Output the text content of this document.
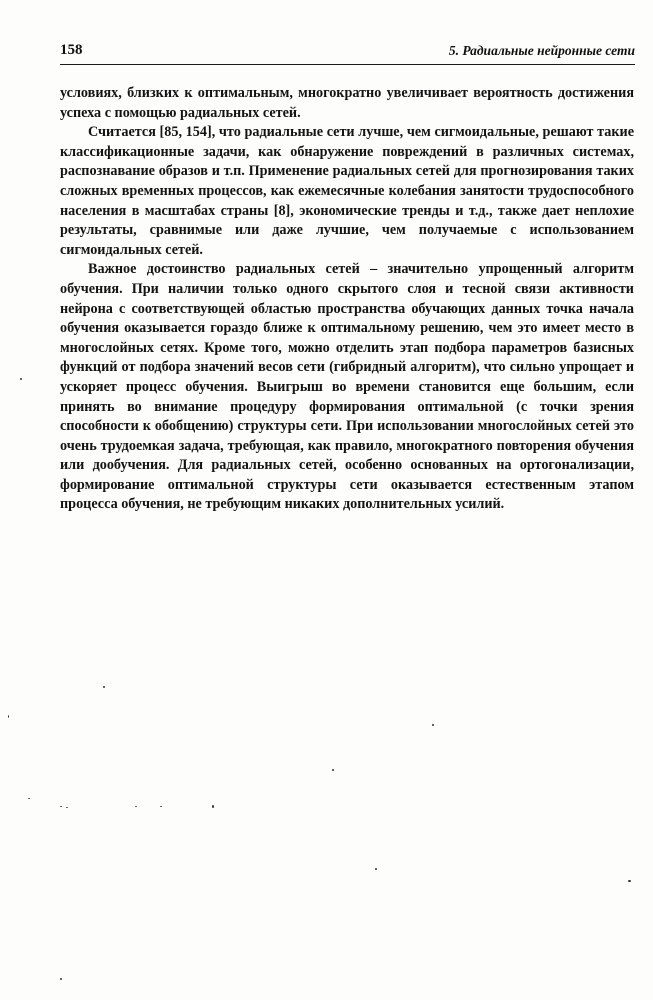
158	5. Радиальные нейронные сети

условиях, близких к оптимальным, многократно увеличивает вероятность достижения успеха с помощью радиальных сетей.

Считается [85, 154], что радиальные сети лучше, чем сигмоидальные, решают такие классификационные задачи, как обнаружение повреждений в различных системах, распознавание образов и т.п. Применение радиальных сетей для прогнозирования таких сложных временных процессов, как ежемесячные колебания занятости трудоспособного населения в масштабах страны [8], экономические тренды и т.д., также дает неплохие результаты, сравнимые или даже лучшие, чем получаемые с использованием сигмоидальных сетей.

Важное достоинство радиальных сетей – значительно упрощенный алгоритм обучения. При наличии только одного скрытого слоя и тесной связи активности нейрона с соответствующей областью пространства обучающих данных точка начала обучения оказывается гораздо ближе к оптимальному решению, чем это имеет место в многослойных сетях. Кроме того, можно отделить этап подбора параметров базисных функций от подбора значений весов сети (гибридный алгоритм), что сильно упрощает и ускоряет процесс обучения. Выигрыш во времени становится еще большим, если принять во внимание процедуру формирования оптимальной (с точки зрения способности к обобщению) структуры сети. При использовании многослойных сетей это очень трудоемкая задача, требующая, как правило, многократного повторения обучения или дообучения. Для радиальных сетей, особенно основанных на ортогонализации, формирование оптимальной структуры сети оказывается естественным этапом процесса обучения, не требующим никаких дополнительных усилий.
